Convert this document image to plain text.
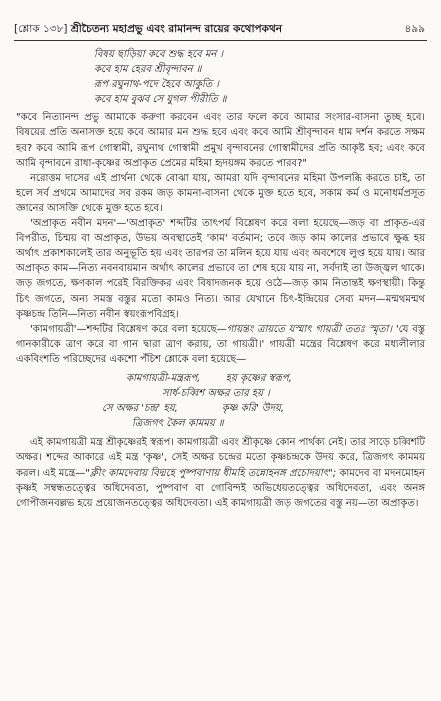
[শ্লোক ১৩৮] শ্রীচৈতন্য মহাপ্রভু এবং রামানন্দ রায়ের কথোপকথন	৪৯৯
বিষয় ছাড়িয়া কবে শুদ্ধ হবে মন ।
কবে হাম হেরব শ্রীবৃন্দাবন ॥
রূপ রঘুনাথ-পদে হৈবে আকুতি ।
কবে হাম বুঝব সে যুগল পীরীতি ॥

"কবে নিত্যানন্দ প্রভু আমাকে করুণা করবেন এবং তার ফলে কবে আমার সংসার-বাসনা তুচ্ছ হবে। বিষয়ের প্রতি অনাসক্ত হয়ে কবে আমার মন শুদ্ধ হবে এবং কবে আমি শ্রীবৃন্দাবন ধাম দর্শন করতে সক্ষম হব? কবে আমি রূপ গোস্বামী, রঘুনাথ গোস্বামী প্রমুখ বৃন্দাবনের গোস্বামীদের প্রতি আকৃষ্ট হব; এবং কবে আমি বৃন্দাবনে রাধা-কৃষ্ণের অপ্রাকৃত প্রেমের মহিমা হৃদয়ঙ্গম করতে পারব?"

নরোত্তম দাসের এই প্রার্থনা থেকে বোঝা যায়, আমরা যদি বৃন্দাবনের মহিমা উপলব্ধি করতে চাই, তা হলে সর্ব প্রথমে আমাদের সব রকম জড় কামনা-বাসনা থেকে মুক্ত হতে হবে, সকাম কর্ম ও মনোধর্মপ্রসূত জ্ঞানের আসক্তি থেকে মুক্ত হতে হবে।

'অপ্রাকৃত নবীন মদন'—'অপ্রাকৃত' শব্দটির তাৎপর্য বিশ্লেষণ করে বলা হয়েছে—জড় বা প্রাকৃত-এর বিপরীত, চিন্ময় বা অপ্রাকৃত, উভয় অবস্থাতেই 'কাম' বর্তমান; তবে জড় কাম কালের প্রভাবে ক্ষুব্ধ হয় অর্থাৎ প্রকাশকালেই তার অনুভূতি হয় এবং তারপর তা মলিন হয়ে যায় এবং অবশেষে লুপ্ত হয়ে যায়। আর অপ্রাকৃত কাম—নিত্য নবনবায়মান অর্থাৎ কালের প্রভাবে তা শেষ হয়ে যায় না, সর্বদাই তা উজ্জ্বল থাকে। জড় জগতে, ক্ষণকাল পরেই বিরক্তিকর এবং বিষাদজনক হয়ে ওঠে—জড় কাম নিতান্তই ক্ষণস্থায়ী। কিন্তু চিৎ জগতে, অন্য সমস্ত বস্তুর মতো কামও নিত্য। আর যেখানে চিৎ-ইন্দ্রিয়ের সেব্য মদন—মন্মথমন্মথ কৃষ্ণচন্দ্র তিনি—নিত্য নবীন স্বয়ংরূপবিগ্রহ।

'কামগায়ত্রী'—শব্দটির বিশ্লেষণ করে বলা হয়েছে—গায়ন্তং ত্রায়তে যস্মাৎ গায়ত্রী ততঃ স্মৃতা। 'যে বস্তু গানকারীকে ত্রাণ করে বা গান দ্বারা ত্রাণ করায়, তা গায়ত্রী।' গায়ত্রী মন্ত্রের বিশ্লেষণ করে মধ্যলীলার একবিংশতি পরিচ্ছেদের একশো পঁচিশ শ্লোকে বলা হয়েছে—

কামগায়ত্রী-মন্ত্ররূপ,	হয় কৃষ্ণের স্বরূপ,
সার্ধ-চব্বিশ অক্ষর তার হয় ।
সে অক্ষর 'চন্দ্র' হয়,	কৃষ্ণ করি' উদয়,
ত্রিজগৎ কৈল কামময় ॥

এই কামগায়ত্রী মন্ত্র শ্রীকৃষ্ণেরই স্বরূপ। কামগায়ত্রী এবং শ্রীকৃষ্ণে কোন পার্থক্য নেই। তার সাড়ে চব্বিশটি অক্ষর। শব্দের আকারে এই মন্ত্র 'কৃষ্ণ', সেই অক্ষর চন্দ্রের মতো কৃষ্ণচন্দ্রকে উদয় করে, ত্রিজগৎ কামময় করল। এই মন্ত্রে—"ক্লীং কামদেবায় বিদ্মহে পুষ্পবাণায় ধীমহি তন্নোহনঙ্গ প্রচোদয়াৎ"; কামদেব বা মদনমোহন কৃষ্ণই সম্বন্ধতত্ত্বের অধিদেবতা, পুষ্পবাণ বা গোবিন্দই অভিধেয়তত্ত্বের অধিদেবতা, এবং অনঙ্গ গোপীজনবল্লভ হয়ে প্রয়োজনতত্ত্বের অধিদেবতা। এই কামগায়ত্রী জড় জগতের বস্তু নয়—তা অপ্রাকৃত।
